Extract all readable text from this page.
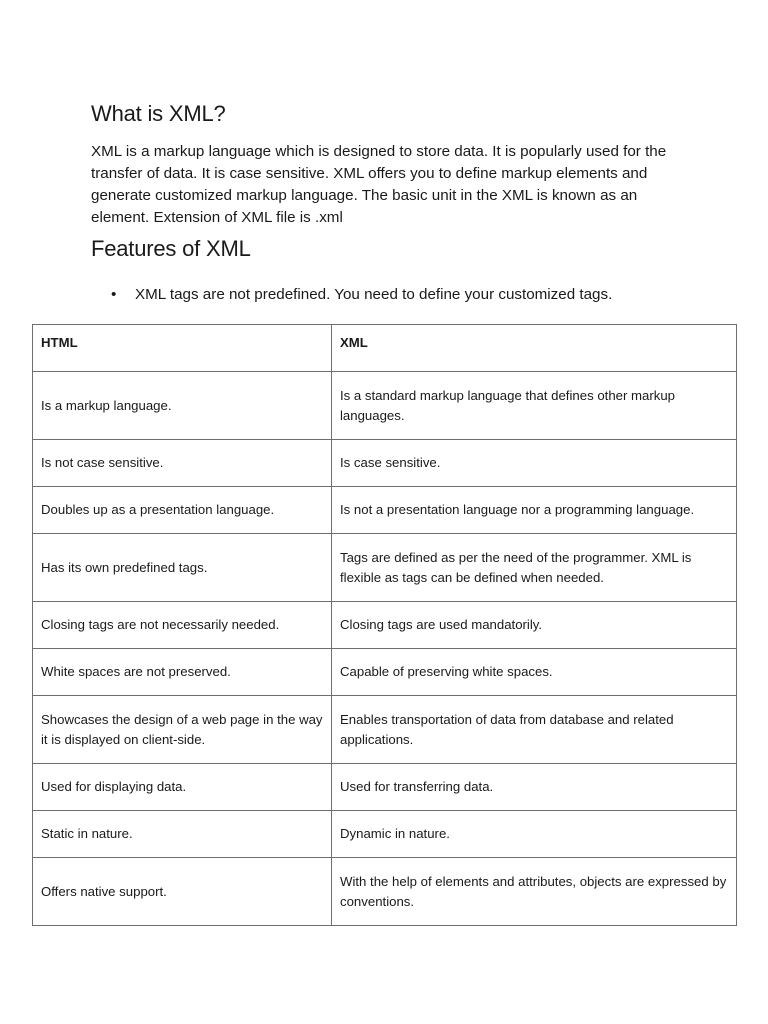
What is XML?

XML is a markup language which is designed to store data. It is popularly used for the transfer of data. It is case sensitive. XML offers you to define markup elements and generate customized markup language. The basic unit in the XML is known as an element. Extension of XML file is .xml

Features of XML
• XML tags are not predefined. You need to define your customized tags.
HTML	XML
Is a markup language.	Is a standard markup language that defines other markup languages.
Is not case sensitive.	Is case sensitive.
Doubles up as a presentation language.	Is not a presentation language nor a programming language.
Has its own predefined tags.	Tags are defined as per the need of the programmer. XML is flexible as tags can be defined when needed.
Closing tags are not necessarily needed.	Closing tags are used mandatorily.
White spaces are not preserved.	Capable of preserving white spaces.
Showcases the design of a web page in the way it is displayed on client-side.	Enables transportation of data from database and related applications.
Used for displaying data.	Used for transferring data.
Static in nature.	Dynamic in nature.
Offers native support.	With the help of elements and attributes, objects are expressed by conventions.
